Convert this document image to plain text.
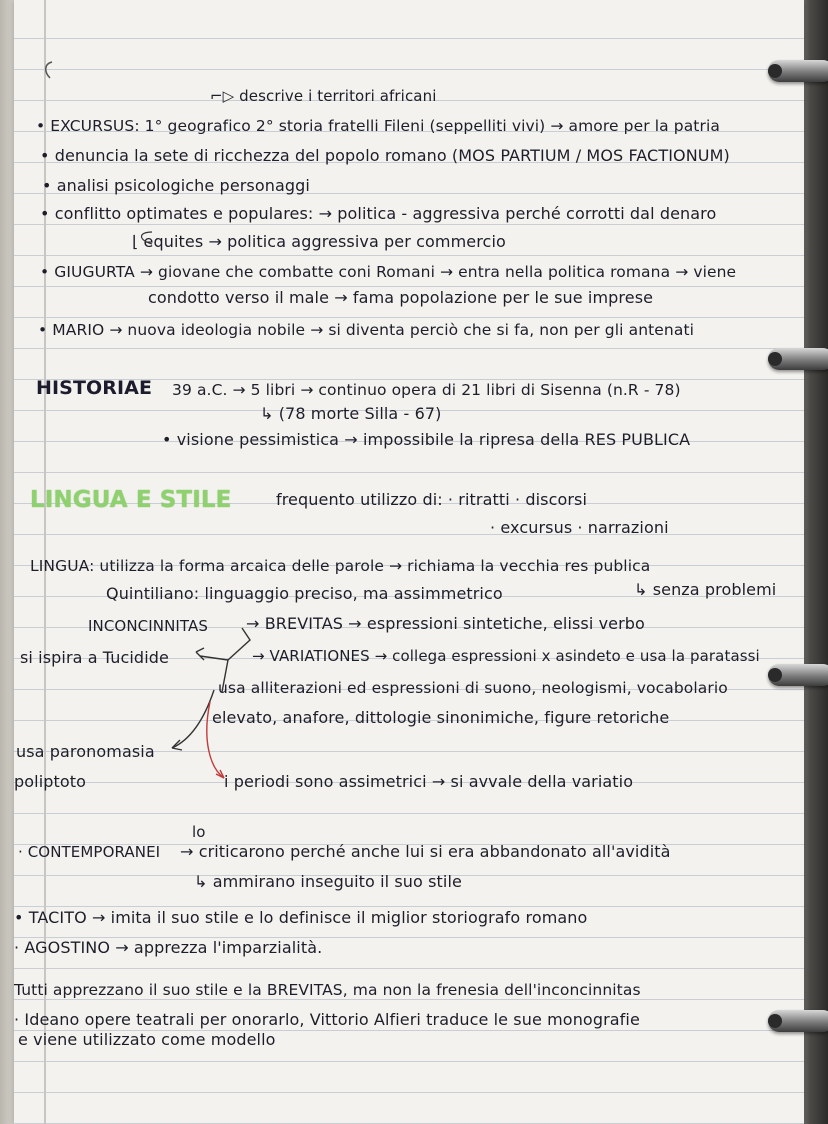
⌐▷ descrive i territori africani

• EXCURSUS: 1° geografico 2° storia fratelli Fileni (seppelliti vivi) → amore per la patria

• denuncia la sete di ricchezza del popolo romano (MOS PARTIUM / MOS FACTIONUM)

• analisi psicologiche personaggi

• conflitto optimates e populares: → politica - aggressiva perché corrotti dal denaro

⌊ equites → politica aggressiva per commercio

• GIUGURTA → giovane che combatte coni Romani → entra nella politica romana → viene

condotto verso il male → fama popolazione per le sue imprese

• MARIO → nuova ideologia nobile → si diventa perciò che si fa, non per gli antenati

HISTORIAE 39 a.C. → 5 libri → continuo opera di 21 libri di Sisenna (n.R - 78)

↳ (78 morte Silla - 67)

• visione pessimistica → impossibile la ripresa della RES PUBLICA

LINGUA E STILE	frequento utilizzo di: · ritratti · discorsi

· excursus · narrazioni

LINGUA: utilizza la forma arcaica delle parole → richiama la vecchia res publica

Quintiliano: linguaggio preciso, ma assimmetrico	↳ senza problemi

INCONCINNITAS → BREVITAS → espressioni sintetiche, elissi verbo

si ispira a Tucidide	→ VARIATIONES → collega espressioni x asindeto e usa la paratassi

usa alliterazioni ed espressioni di suono, neologismi, vocabolario

elevato, anafore, dittologie sinonimiche, figure retoriche

usa paronomasia

poliptoto	i periodi sono assimetrici → si avvale della variatio

lo

· CONTEMPORANEI → criticarono perché anche lui si era abbandonato all'avidità

↳ ammirano inseguito il suo stile

• TACITO → imita il suo stile e lo definisce il miglior storiografo romano

· AGOSTINO → apprezza l'imparzialità.

Tutti apprezzano il suo stile e la BREVITAS, ma non la frenesia dell'inconcinnitas

· Ideano opere teatrali per onorarlo, Vittorio Alfieri traduce le sue monografie

e viene utilizzato come modello
